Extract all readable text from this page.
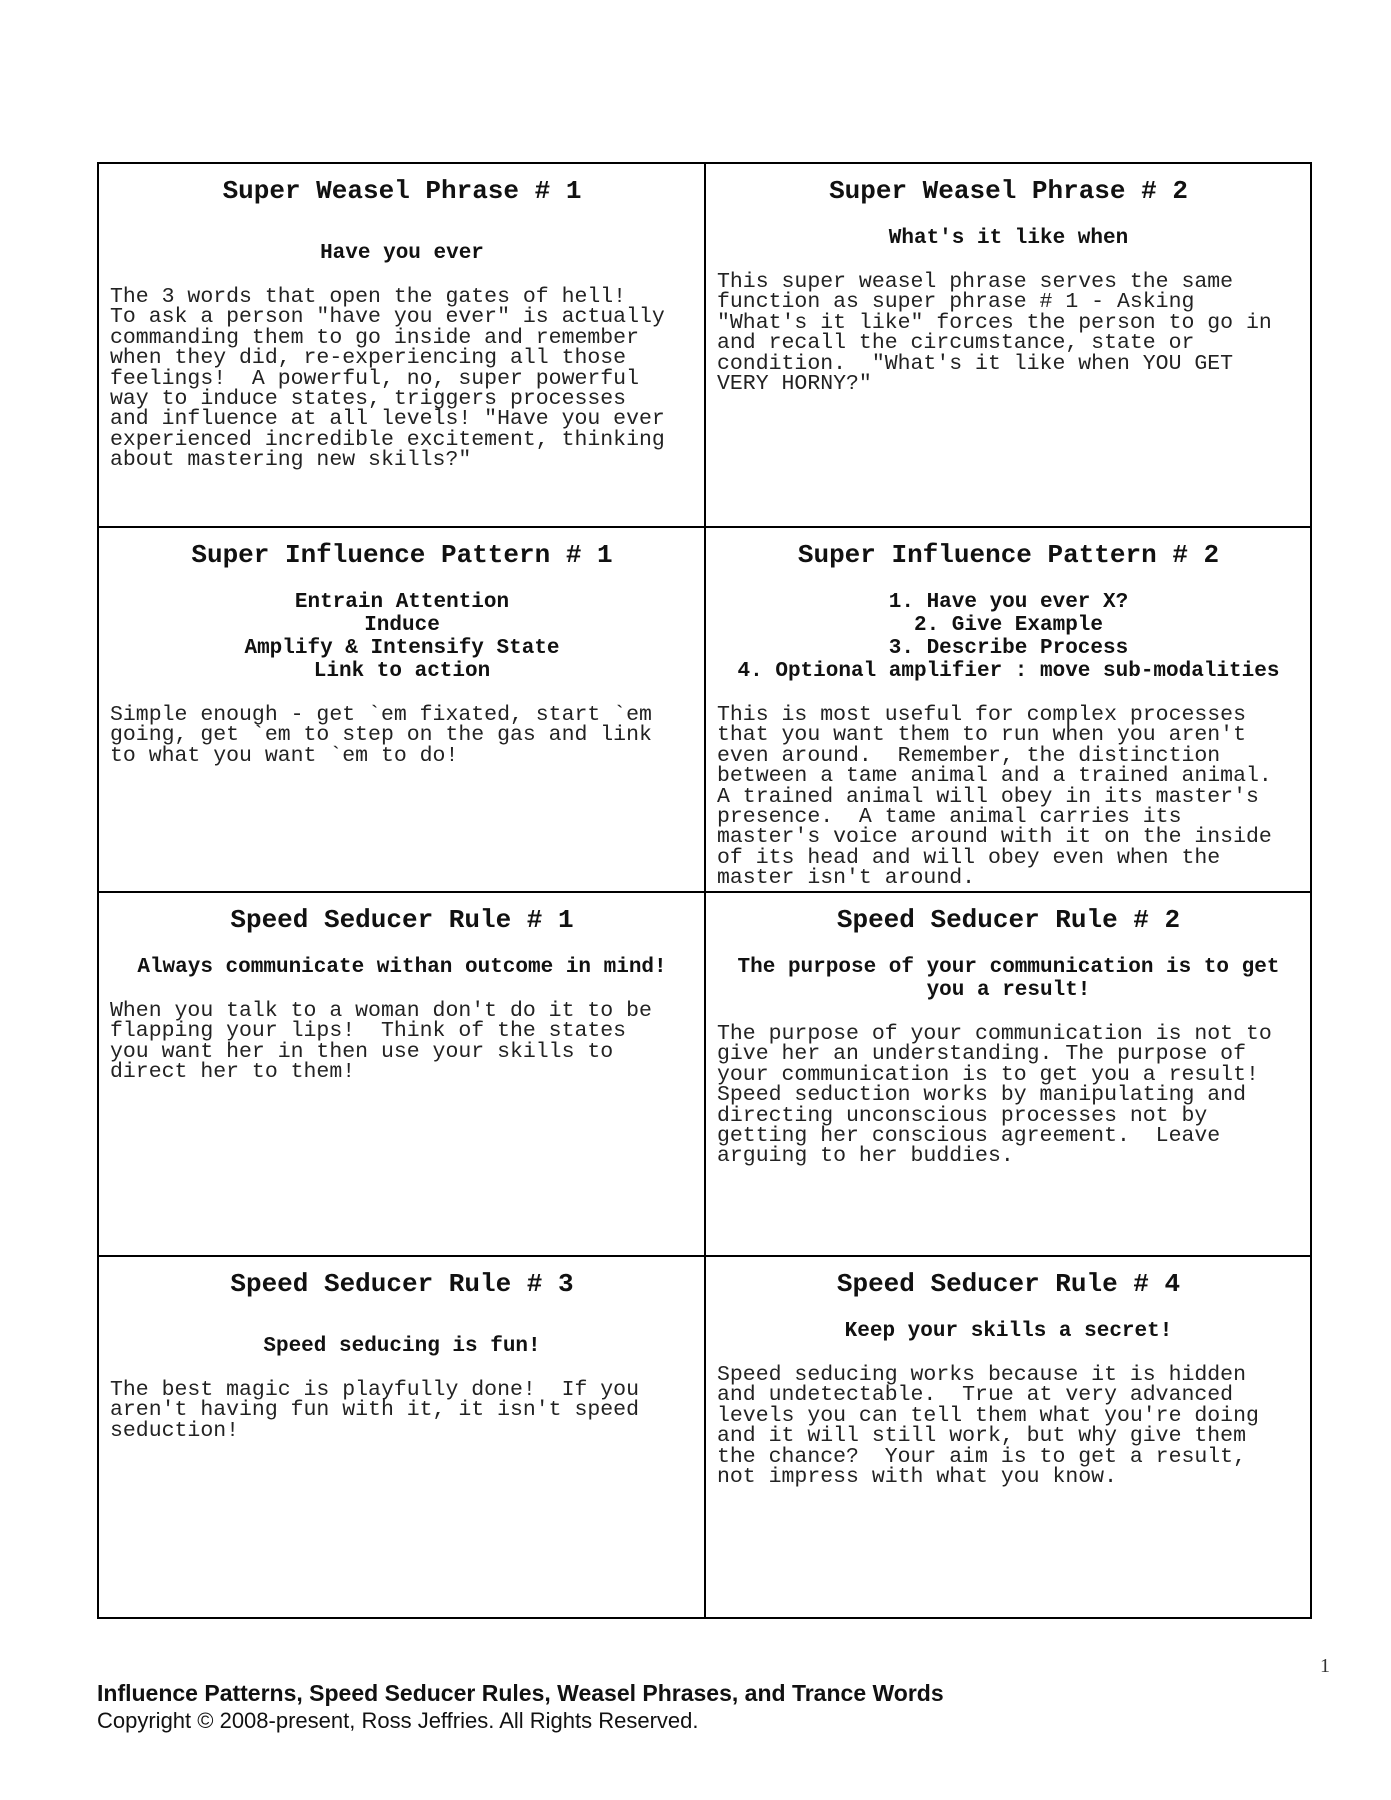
Super Weasel Phrase # 1
Have you ever
The 3 words that open the gates of hell!
To ask a person "have you ever" is actually
commanding them to go inside and remember
when they did, re-experiencing all those
feelings!  A powerful, no, super powerful
way to induce states, triggers processes
and influence at all levels! "Have you ever
experienced incredible excitement, thinking
about mastering new skills?"
Super Weasel Phrase # 2
What's it like when
This super weasel phrase serves the same
function as super phrase # 1 - Asking
"What's it like" forces the person to go in
and recall the circumstance, state or
condition.  "What's it like when YOU GET
VERY HORNY?"
Super Influence Pattern # 1
Entrain Attention
Induce
Amplify & Intensify State
Link to action
Simple enough - get `em fixated, start `em
going, get `em to step on the gas and link
to what you want `em to do!
Super Influence Pattern # 2
1. Have you ever X?
2. Give Example
3. Describe Process
4. Optional amplifier : move sub-modalities
This is most useful for complex processes
that you want them to run when you aren't
even around.  Remember, the distinction
between a tame animal and a trained animal.
A trained animal will obey in its master's
presence.  A tame animal carries its
master's voice around with it on the inside
of its head and will obey even when the
master isn't around.
Speed Seducer Rule # 1
Always communicate withan outcome in mind!
When you talk to a woman don't do it to be
flapping your lips!  Think of the states
you want her in then use your skills to
direct her to them!
Speed Seducer Rule # 2
The purpose of your communication is to get
you a result!
The purpose of your communication is not to
give her an understanding. The purpose of
your communication is to get you a result!
Speed seduction works by manipulating and
directing unconscious processes not by
getting her conscious agreement.  Leave
arguing to her buddies.
Speed Seducer Rule # 3
Speed seducing is fun!
The best magic is playfully done!  If you
aren't having fun with it, it isn't speed
seduction!
Speed Seducer Rule # 4
Keep your skills a secret!
Speed seducing works because it is hidden
and undetectable.  True at very advanced
levels you can tell them what you're doing
and it will still work, but why give them
the chance?  Your aim is to get a result,
not impress with what you know.
1
Influence Patterns, Speed Seducer Rules, Weasel Phrases, and Trance Words
Copyright © 2008-present, Ross Jeffries. All Rights Reserved.
